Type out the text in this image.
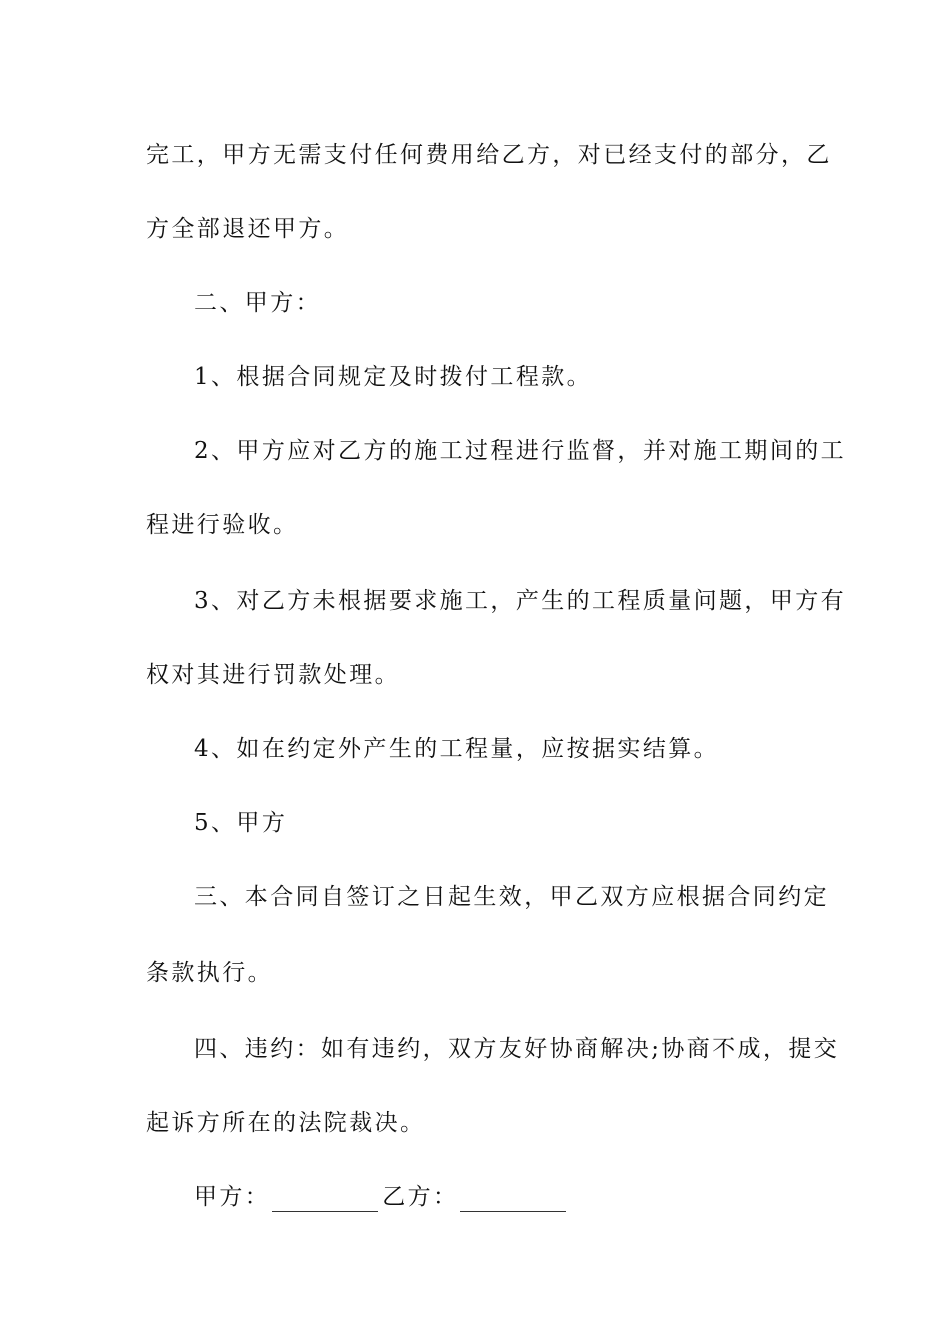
完工，甲方无需支付任何费用给乙方，对已经支付的部分，乙
方全部退还甲方。
二、甲方：
1、根据合同规定及时拨付工程款。
2、甲方应对乙方的施工过程进行监督，并对施工期间的工
程进行验收。
3、对乙方未根据要求施工，产生的工程质量问题，甲方有
权对其进行罚款处理。
4、如在约定外产生的工程量，应按据实结算。
5、甲方
三、本合同自签订之日起生效，甲乙双方应根据合同约定
条款执行。
四、违约：如有违约，双方友好协商解决;协商不成，提交
起诉方所在的法院裁决。
甲方：	乙方：
